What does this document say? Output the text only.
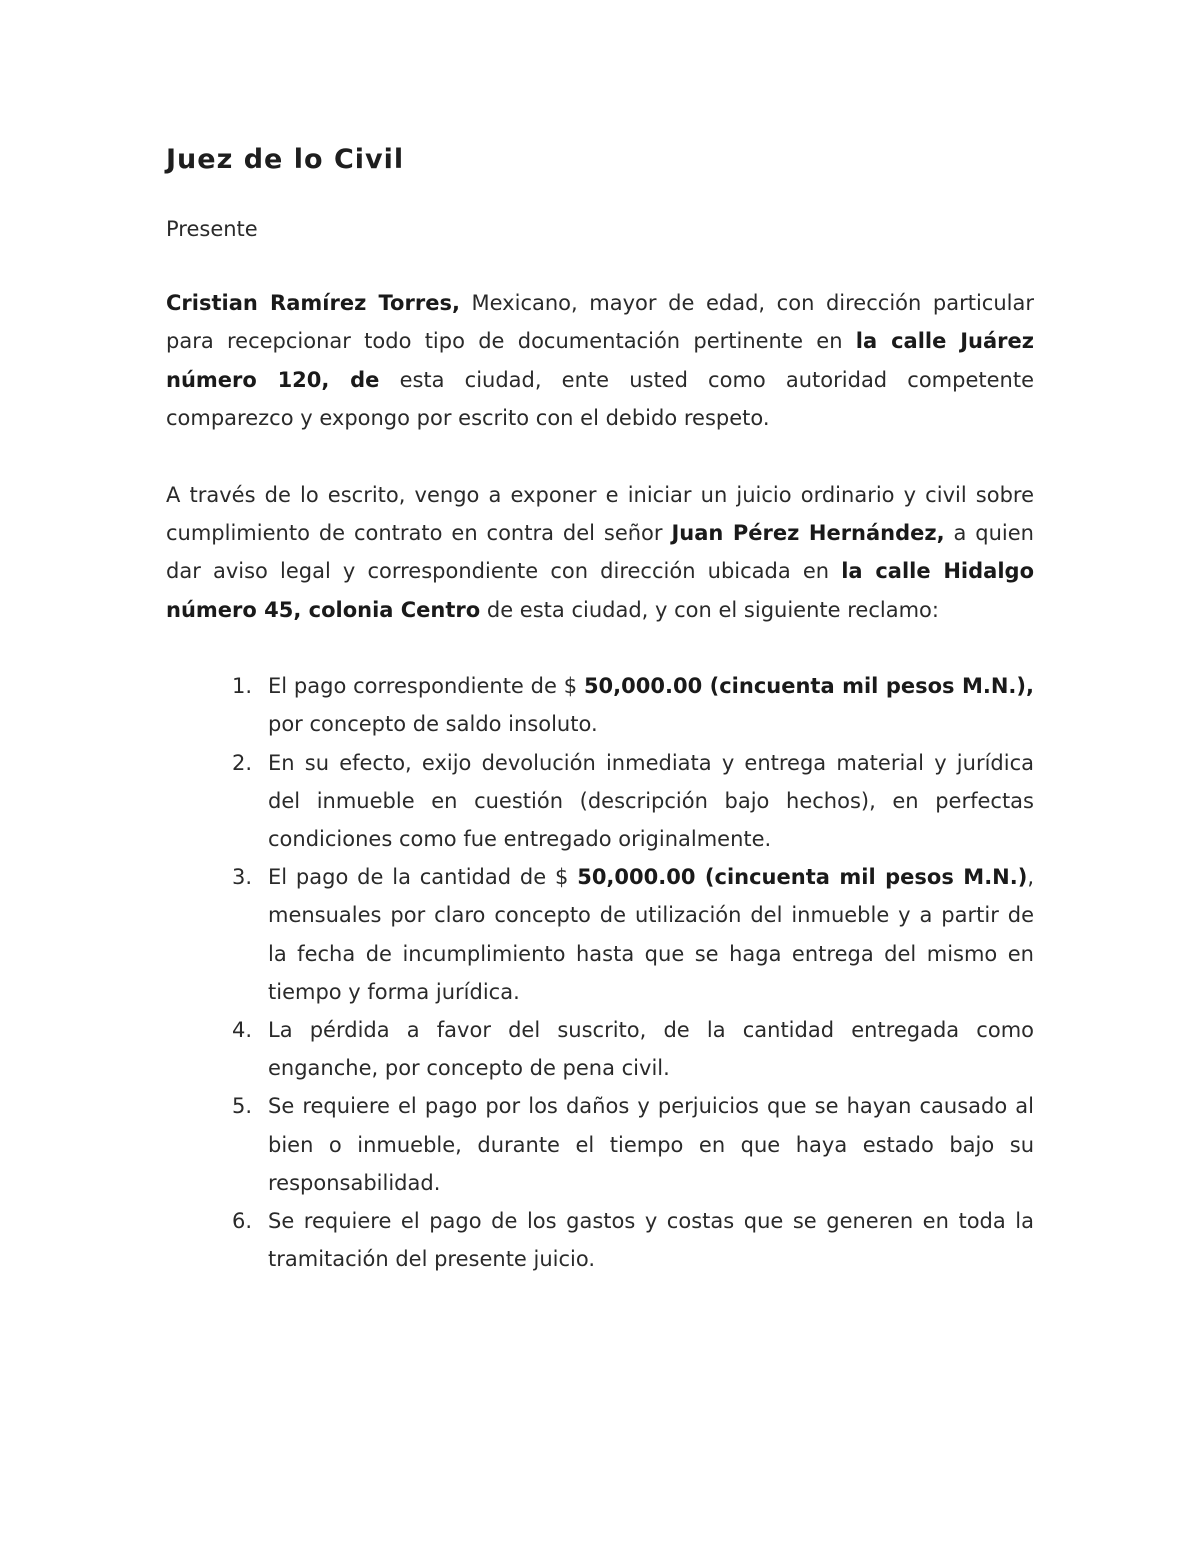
Juez de lo Civil

Presente

Cristian Ramírez Torres, Mexicano, mayor de edad, con dirección particular para recepcionar todo tipo de documentación pertinente en la calle Juárez número 120, de esta ciudad, ente usted como autoridad competente comparezco y expongo por escrito con el debido respeto.

A través de lo escrito, vengo a exponer e iniciar un juicio ordinario y civil sobre cumplimiento de contrato en contra del señor Juan Pérez Hernández, a quien dar aviso legal y correspondiente con dirección ubicada en la calle Hidalgo número 45, colonia Centro de esta ciudad, y con el siguiente reclamo:

1. El pago correspondiente de $ 50,000.00 (cincuenta mil pesos M.N.), por concepto de saldo insoluto.
2. En su efecto, exijo devolución inmediata y entrega material y jurídica del inmueble en cuestión (descripción bajo hechos), en perfectas condiciones como fue entregado originalmente.
3. El pago de la cantidad de $ 50,000.00 (cincuenta mil pesos M.N.), mensuales por claro concepto de utilización del inmueble y a partir de la fecha de incumplimiento hasta que se haga entrega del mismo en tiempo y forma jurídica.
4. La pérdida a favor del suscrito, de la cantidad entregada como enganche, por concepto de pena civil.
5. Se requiere el pago por los daños y perjuicios que se hayan causado al bien o inmueble, durante el tiempo en que haya estado bajo su responsabilidad.
6. Se requiere el pago de los gastos y costas que se generen en toda la tramitación del presente juicio.
